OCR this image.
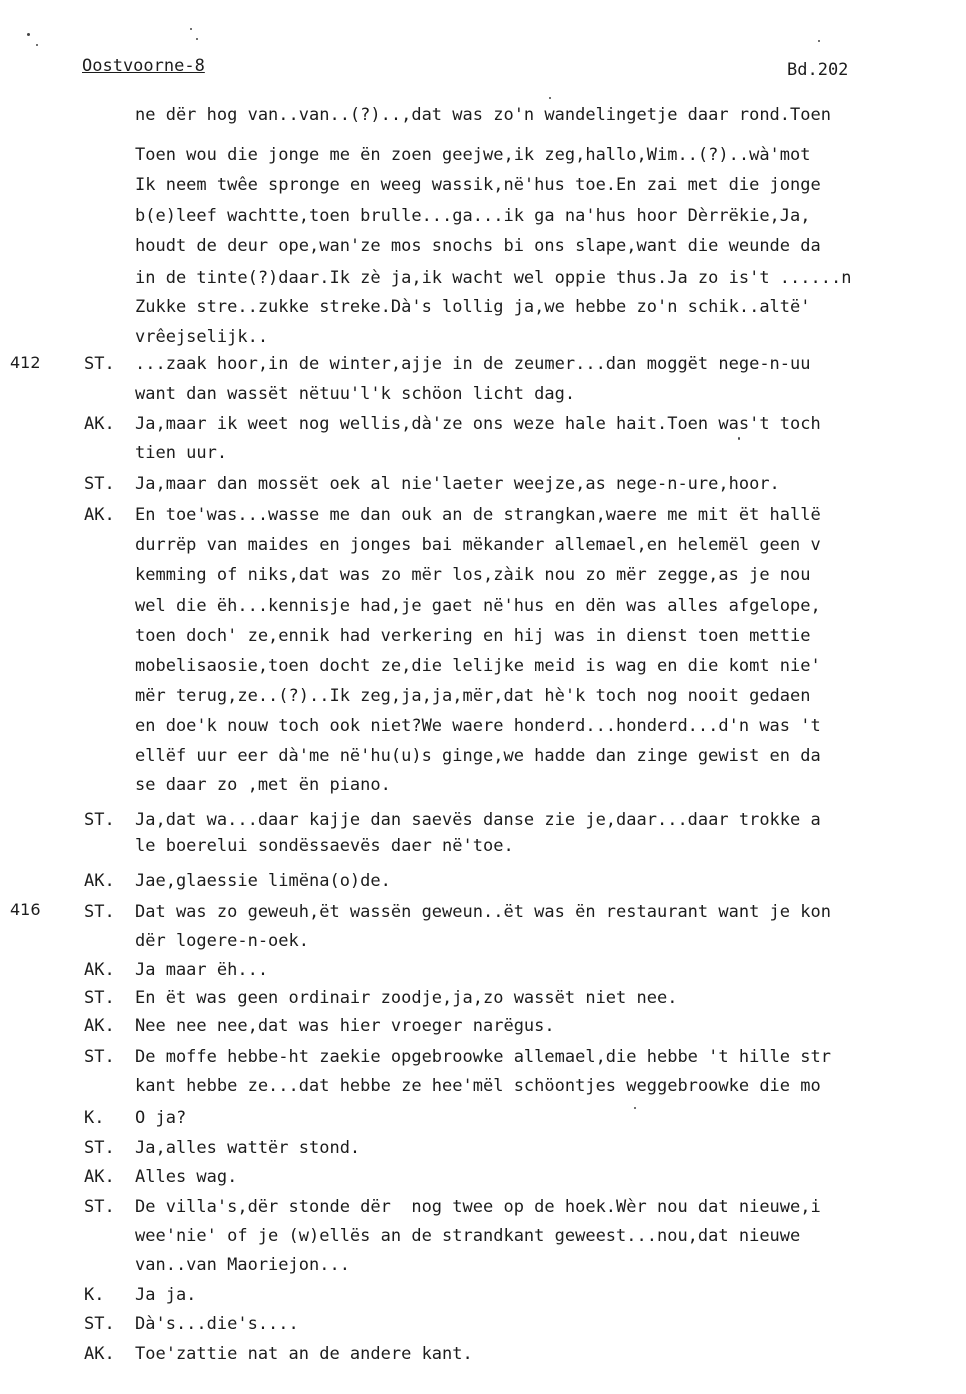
Oostvoorne-8	Bd.202
412
416
ne dër hog van..van..(?)..,dat was zo'n wandelingetje daar rond.Toen
Toen wou die jonge me ën zoen geejwe,ik zeg,hallo,Wim..(?)..wà'mot
Ik neem twêe spronge en weeg wassik,në'hus toe.En zai met die jonge
b(e)leef wachtte,toen brulle...ga...ik ga na'hus hoor Dèrrëkie,Ja,
houdt de deur ope,wan'ze mos snochs bi ons slape,want die weunde da
in de tinte(?)daar.Ik zè ja,ik wacht wel oppie thus.Ja zo is't ......n
Zukke stre..zukke streke.Dà's lollig ja,we hebbe zo'n schik..altë'
vrêejselijk..
ST. ...zaak hoor,in de winter,ajje in de zeumer...dan moggët nege-n-uu
want dan wassët nëtuu'l'k schöon licht dag.
AK. Ja,maar ik weet nog wellis,dà'ze ons weze hale hait.Toen was't toch
tien uur.
ST. Ja,maar dan mossët oek al nie'laeter weejze,as nege-n-ure,hoor.
AK. En toe'was...wasse me dan ouk an de strangkan,waere me mit ët hallë
durrëp van maides en jonges bai mëkander allemael,en helemël geen v
kemming of niks,dat was zo mër los,zàik nou zo mër zegge,as je nou
wel die ëh...kennisje had,je gaet në'hus en dën was alles afgelope,
toen doch' ze,ennik had verkering en hij was in dienst toen mettie
mobelisaosie,toen docht ze,die lelijke meid is wag en die komt nie'
mër terug,ze..(?)..Ik zeg,ja,ja,mër,dat hè'k toch nog nooit gedaen
en doe'k nouw toch ook niet?We waere honderd...honderd...d'n was 't
ellëf uur eer dà'me në'hu(u)s ginge,we hadde dan zinge gewist en da
se daar zo ,met ën piano.
ST. Ja,dat wa...daar kajje dan saevës danse zie je,daar...daar trokke a
le boerelui sondëssaevës daer në'toe.
AK. Jae,glaessie limëna(o)de.
ST. Dat was zo geweuh,ët wassën geweun..ët was ën restaurant want je kon
dër logere-n-oek.
AK. Ja maar ëh...
ST. En ët was geen ordinair zoodje,ja,zo wassët niet nee.
AK. Nee nee nee,dat was hier vroeger narëgus.
ST. De moffe hebbe-ht zaekie opgebroowke allemael,die hebbe 't hille str
kant hebbe ze...dat hebbe ze hee'mël schöontjes weggebroowke die mo
K. O ja?
ST. Ja,alles wattër stond.
AK. Alles wag.
ST. De villa's,dër stonde dër  nog twee op de hoek.Wèr nou dat nieuwe,i
wee'nie' of je (w)ellës an de strandkant geweest...nou,dat nieuwe
van..van Maoriejon...
K. Ja ja.
ST. Dà's...die's....
AK. Toe'zattie nat an de andere kant.
